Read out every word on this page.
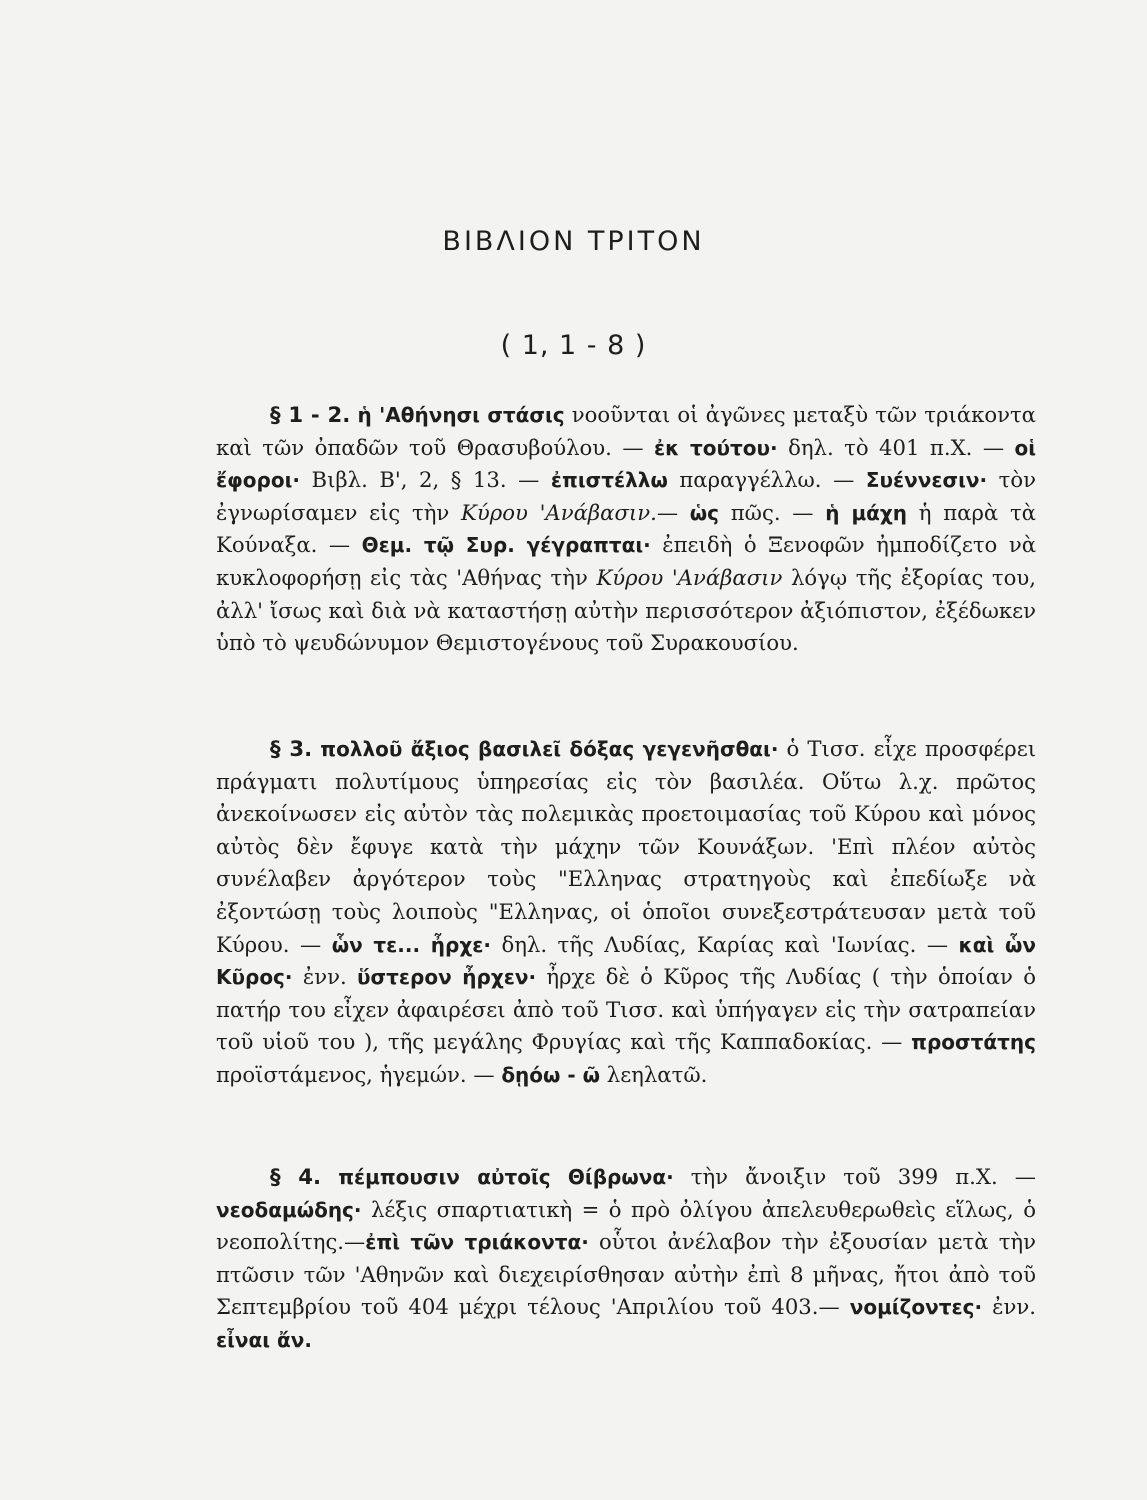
ΒΙΒΛΙΟΝ ΤΡΙΤΟΝ
( 1, 1 - 8 )

§ 1 - 2. ἡ 'Αθήνησι στάσις νοοῦνται οἱ ἀγῶνες μεταξὺ τῶν τριάκοντα καὶ τῶν ὀπαδῶν τοῦ Θρασυβούλου. — ἐκ τούτου· δηλ. τὸ 401 π.Χ. — οἱ ἔφοροι· Βιβλ. Β', 2, § 13. — ἐπιστέλλω παραγγέλλω. — Συέννεσιν· τὸν ἐγνωρίσαμεν εἰς τὴν Κύρου 'Ανάβασιν.— ὡς πῶς. — ἡ μάχη ἡ παρὰ τὰ Κούναξα. — Θεμ. τῷ Συρ. γέγραπται· ἐπειδὴ ὁ Ξενοφῶν ἠμποδίζετο νὰ κυκλοφορήσῃ εἰς τὰς 'Αθήνας τὴν Κύρου 'Ανάβασιν λόγῳ τῆς ἐξορίας του, ἀλλ' ἴσως καὶ διὰ νὰ καταστήσῃ αὐτὴν περισσότερον ἀξιόπιστον, ἐξέδωκεν ὑπὸ τὸ ψευδώνυμον Θεμιστογένους τοῦ Συρακουσίου.

§ 3. πολλοῦ ἄξιος βασιλεῖ δόξας γεγενῆσθαι· ὁ Τισσ. εἶχε προσφέρει πράγματι πολυτίμους ὑπηρεσίας εἰς τὸν βασιλέα. Οὕτω λ.χ. πρῶτος ἀνεκοίνωσεν εἰς αὐτὸν τὰς πολεμικὰς προετοιμασίας τοῦ Κύρου καὶ μόνος αὐτὸς δὲν ἔφυγε κατὰ τὴν μάχην τῶν Κουνάξων. 'Επὶ πλέον αὐτὸς συνέλαβεν ἀργότερον τοὺς "Ελληνας στρατηγοὺς καὶ ἐπεδίωξε νὰ ἐξοντώσῃ τοὺς λοιποὺς "Ελληνας, οἱ ὁποῖοι συνεξεστράτευσαν μετὰ τοῦ Κύρου. — ὧν τε... ἦρχε· δηλ. τῆς Λυδίας, Καρίας καὶ 'Ιωνίας. — καὶ ὧν Κῦρος· ἐνν. ὕστερον ἦρχεν· ἦρχε δὲ ὁ Κῦρος τῆς Λυδίας ( τὴν ὁποίαν ὁ πατήρ του εἶχεν ἀφαιρέσει ἀπὸ τοῦ Τισσ. καὶ ὑπήγαγεν εἰς τὴν σατραπείαν τοῦ υἱοῦ του ), τῆς μεγάλης Φρυγίας καὶ τῆς Καππαδοκίας. — προστάτης προϊστάμενος, ἡγεμών. — δῃόω - ῶ λεηλατῶ.

§ 4. πέμπουσιν αὐτοῖς Θίβρωνα· τὴν ἄνοιξιν τοῦ 399 π.Χ. — νεοδαμώδης· λέξις σπαρτιατικὴ = ὁ πρὸ ὀλίγου ἀπελευθερωθεὶς εἵλως, ὁ νεοπολίτης.—ἐπὶ τῶν τριάκοντα· οὗτοι ἀνέλαβον τὴν ἐξουσίαν μετὰ τὴν πτῶσιν τῶν 'Αθηνῶν καὶ διεχειρίσθησαν αὐτὴν ἐπὶ 8 μῆνας, ἤτοι ἀπὸ τοῦ Σεπτεμβρίου τοῦ 404 μέχρι τέλους 'Απριλίου τοῦ 403.— νομίζοντες· ἐνν. εἶναι ἄν.
